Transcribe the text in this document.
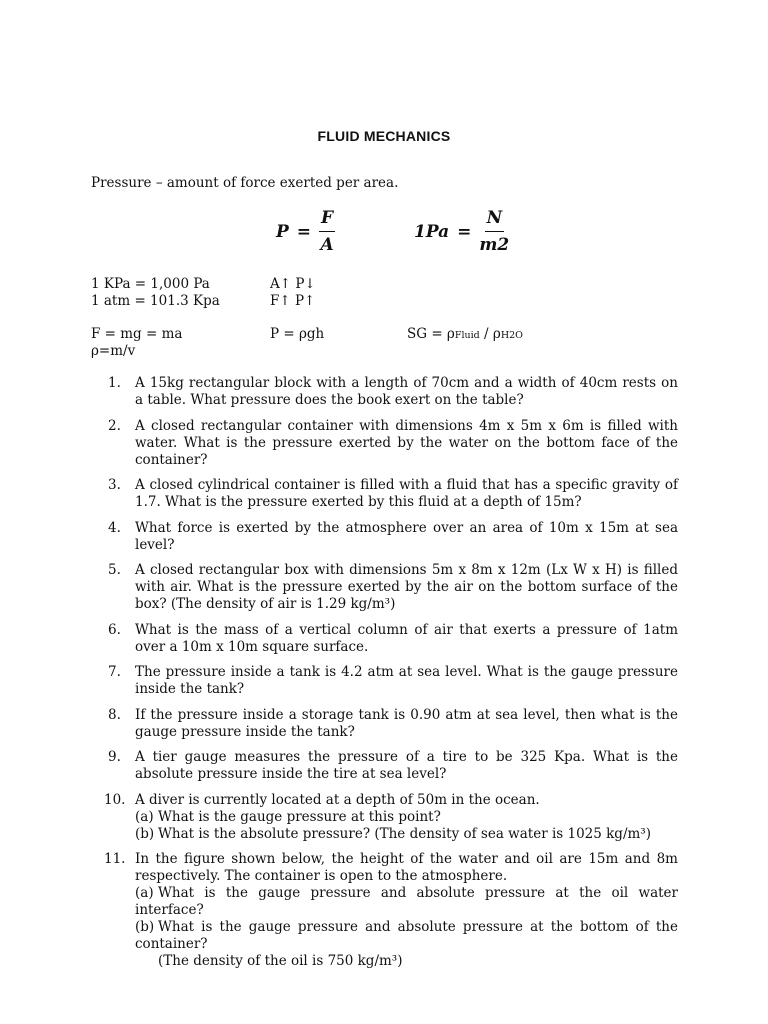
FLUID MECHANICS
Pressure – amount of force exerted per area.
$P = \frac{F}{A}$	$1Pa = \frac{N}{m2}$
1 KPa = 1,000 Pa
1 atm = 101.3 Kpa
A↑ P↓
F↑ P↑
F = mg = ma
ρ=m/v
P = ρgh	SG = ρFluid / ρH2O
1.	A 15kg rectangular block with a length of 70cm and a width of 40cm rests on a table. What pressure does the book exert on the table?

2.	A closed rectangular container with dimensions 4m x 5m x 6m is filled with water. What is the pressure exerted by the water on the bottom face of the container?

3.	A closed cylindrical container is filled with a fluid that has a specific gravity of 1.7. What is the pressure exerted by this fluid at a depth of 15m?

4.	What force is exerted by the atmosphere over an area of 10m x 15m at sea level?

5.	A closed rectangular box with dimensions 5m x 8m x 12m (Lx W x H) is filled with air. What is the pressure exerted by the air on the bottom surface of the box? (The density of air is 1.29 kg/m³)

6.	What is the mass of a vertical column of air that exerts a pressure of 1atm over a 10m x 10m square surface.

7.	The pressure inside a tank is 4.2 atm at sea level. What is the gauge pressure inside the tank?

8.	If the pressure inside a storage tank is 0.90 atm at sea level, then what is the gauge pressure inside the tank?

9.	A tier gauge measures the pressure of a tire to be 325 Kpa. What is the absolute pressure inside the tire at sea level?

10. A diver is currently located at a depth of 50m in the ocean.

(a) What is the gauge pressure at this point?
(b) What is the absolute pressure? (The density of sea water is 1025 kg/m³)
11. In the figure shown below, the height of the water and oil are 15m and 8m respectively. The container is open to the atmosphere.

(a) What is the gauge pressure and absolute pressure at the oil water interface?
(b) What is the gauge pressure and absolute pressure at the bottom of the container?
(The density of the oil is 750 kg/m³)
